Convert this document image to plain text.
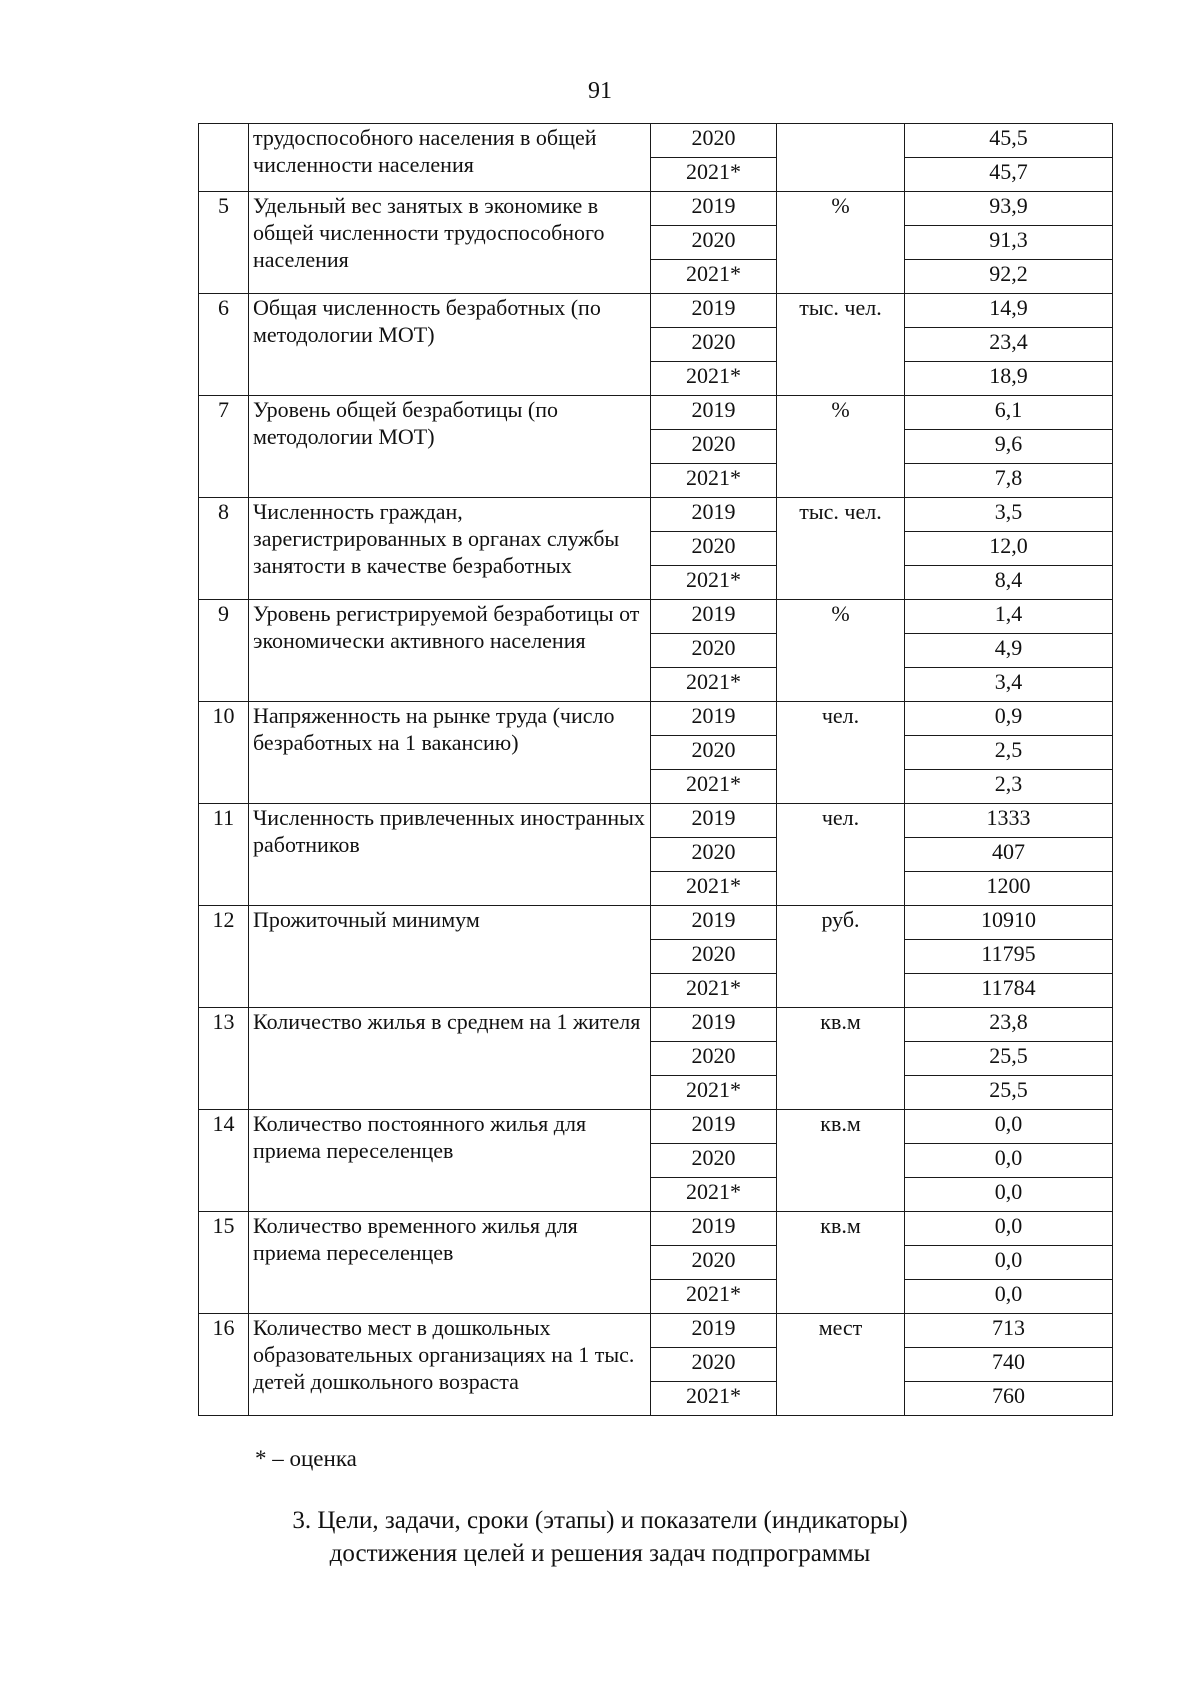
91
	трудоспособного населения в общей численности населения	2020		45,5
		2021*		45,7
5	Удельный вес занятых в экономике в общей численности трудоспособного населения	2019	%	93,9
		2020		91,3
		2021*		92,2
6	Общая численность безработных (по методологии МОТ)	2019	тыс. чел.	14,9
		2020		23,4
		2021*		18,9
7	Уровень общей безработицы (по методологии МОТ)	2019	%	6,1
		2020		9,6
		2021*		7,8
8	Численность граждан, зарегистрированных в органах службы занятости в качестве безработных	2019	тыс. чел.	3,5
		2020		12,0
		2021*		8,4
9	Уровень регистрируемой безработицы от экономически активного населения	2019	%	1,4
		2020		4,9
		2021*		3,4
10	Напряженность на рынке труда (число безработных на 1 вакансию)	2019	чел.	0,9
		2020		2,5
		2021*		2,3
11	Численность привлеченных иностранных работников	2019	чел.	1333
		2020		407
		2021*		1200
12	Прожиточный минимум	2019	руб.	10910
		2020		11795
		2021*		11784
13	Количество жилья в среднем на 1 жителя	2019	кв.м	23,8
		2020		25,5
		2021*		25,5
14	Количество постоянного жилья для приема переселенцев	2019	кв.м	0,0
		2020		0,0
		2021*		0,0
15	Количество временного жилья для приема переселенцев	2019	кв.м	0,0
		2020		0,0
		2021*		0,0
16	Количество мест в дошкольных образовательных организациях на 1 тыс. детей дошкольного возраста	2019	мест	713
		2020		740
		2021*		760
* – оценка
3. Цели, задачи, сроки (этапы) и показатели (индикаторы)
достижения целей и решения задач подпрограммы
